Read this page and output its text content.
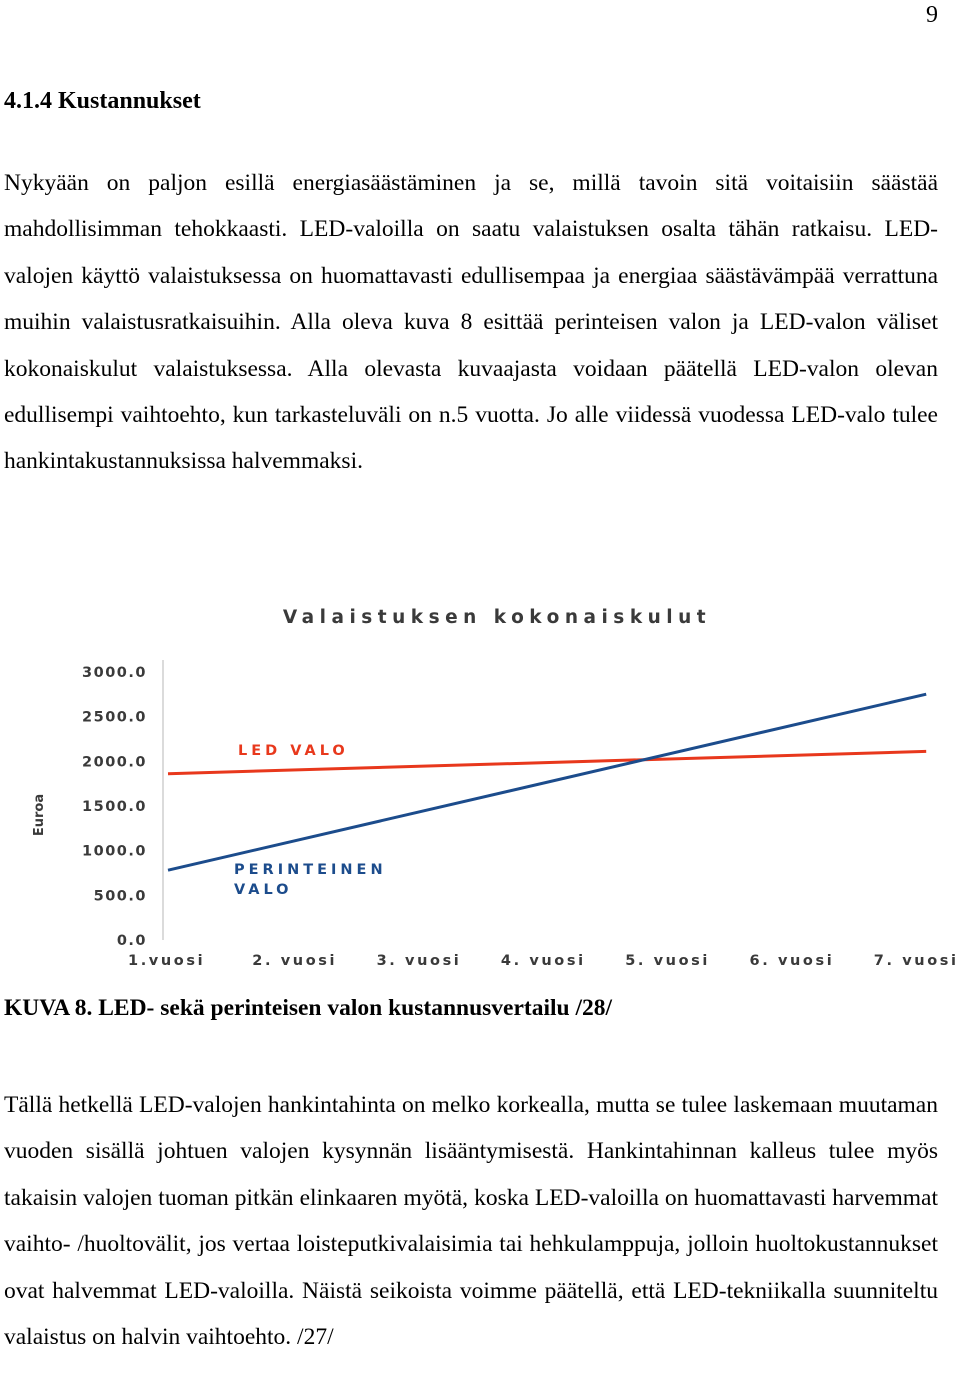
9
4.1.4 Kustannukset

Nykyään on paljon esillä energiasäästäminen ja se, millä tavoin sitä voitaisiin säästää mahdollisimman tehokkaasti. LED-valoilla on saatu valaistuksen osalta tähän ratkaisu. LED-valojen käyttö valaistuksessa on huomattavasti edullisempaa ja energiaa säästävämpää verrattuna muihin valaistusratkaisuihin. Alla oleva kuva 8 esittää perinteisen valon ja LED-valon väliset kokonaiskulut valaistuksessa. Alla olevasta kuvaajasta voidaan päätellä LED-valon olevan edullisempi vaihtoehto, kun tarkasteluväli on n.5 vuotta. Jo alle viidessä vuodessa LED-valo tulee hankintakustannuksissa halvemmaksi.

Valaistuksen kokonaiskulut
Euroa
0.0
500.0
1000.0
1500.0
2000.0
2500.0
3000.0
1.vuosi	2. vuosi	3. vuosi	4. vuosi	5. vuosi	6. vuosi	7. vuosi
LED VALO
PERINTEINEN
VALO

KUVA 8. LED- sekä perinteisen valon kustannusvertailu /28/

Tällä hetkellä LED-valojen hankintahinta on melko korkealla, mutta se tulee laskemaan muutaman vuoden sisällä johtuen valojen kysynnän lisääntymisestä. Hankintahinnan kalleus tulee myös takaisin valojen tuoman pitkän elinkaaren myötä, koska LED-valoilla on huomattavasti harvemmat vaihto- /huoltovälit, jos vertaa loisteputkivalaisimia tai hehkulamppuja, jolloin huoltokustannukset ovat halvemmat LED-valoilla. Näistä seikoista voimme päätellä, että LED-tekniikalla suunniteltu valaistus on halvin vaihtoehto. /27/
